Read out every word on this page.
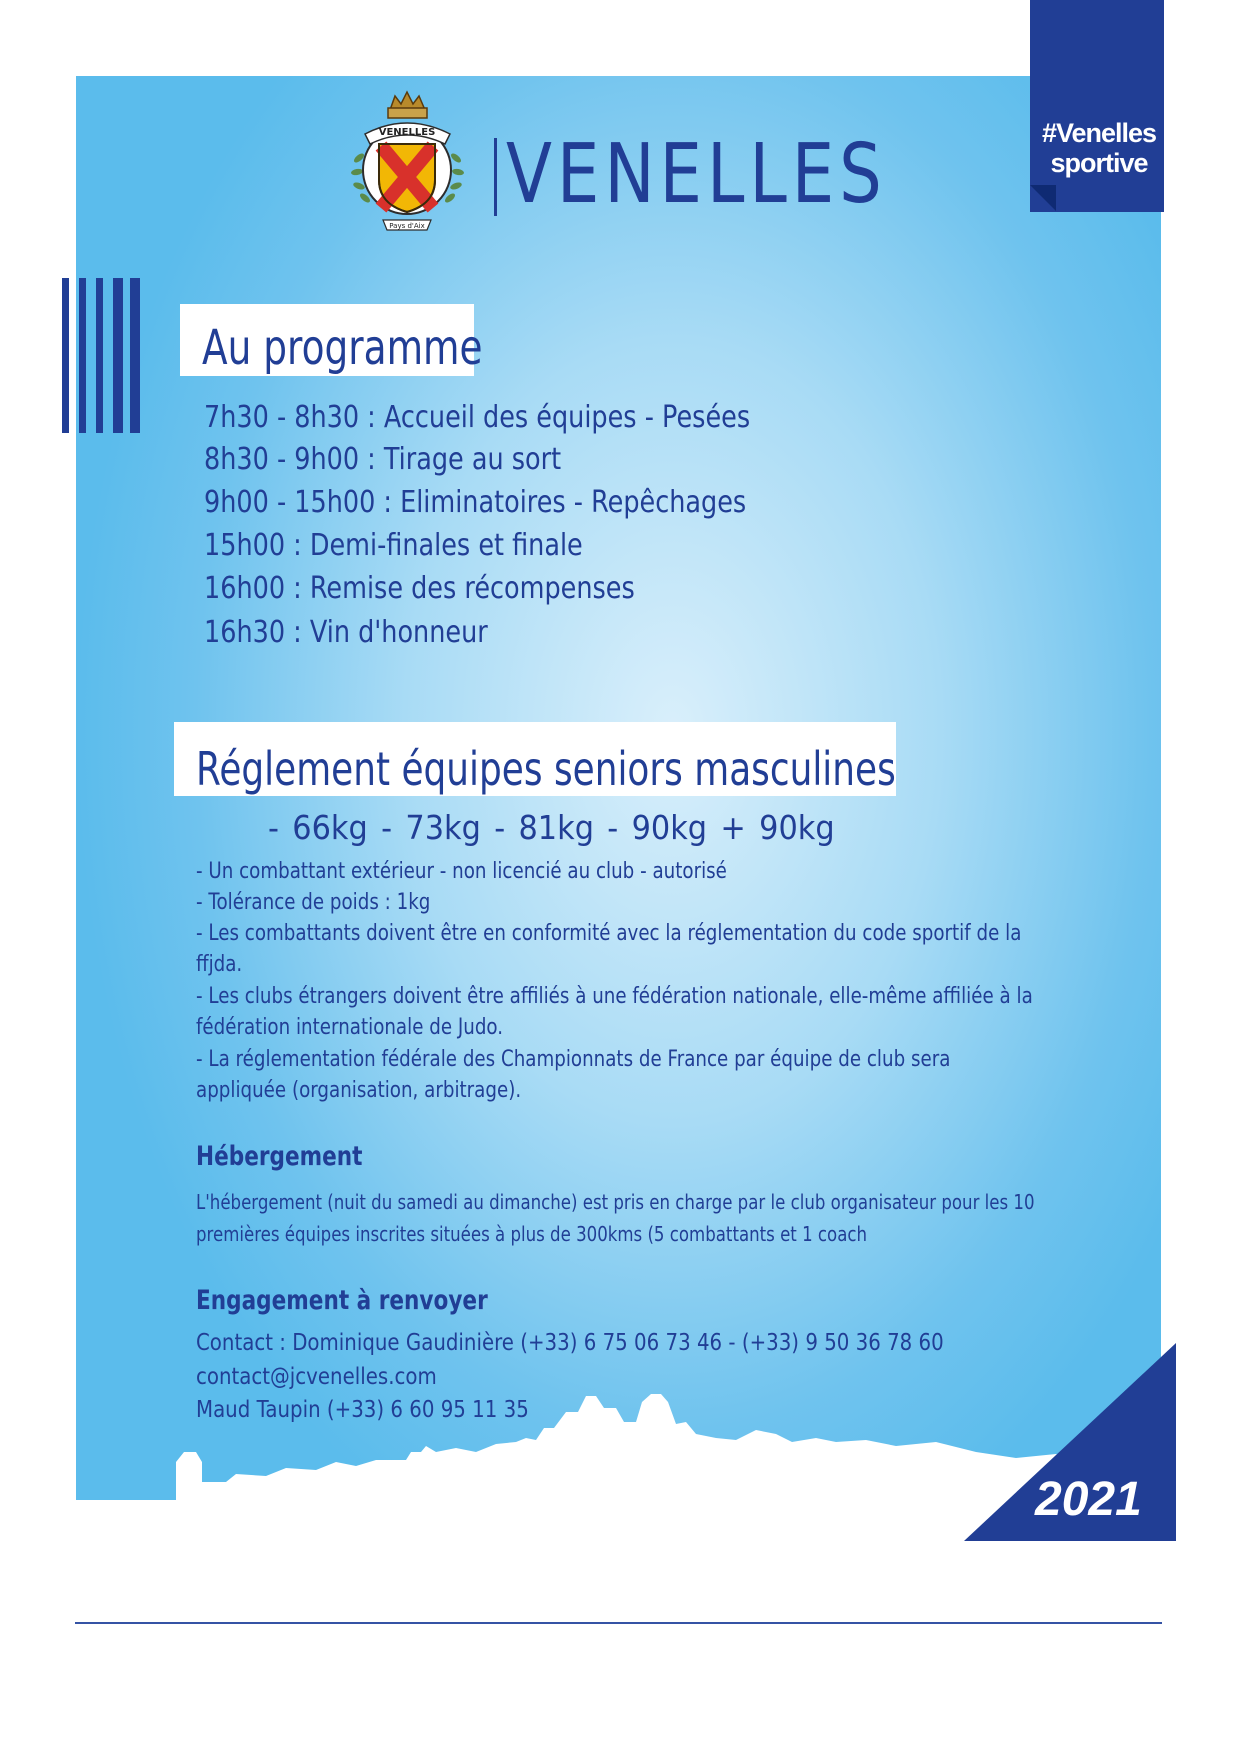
#Venelles
sportive
VENELLES
Pays d'Aix
VENELLES
Au programme
7h30 - 8h30 : Accueil des équipes - Pesées
8h30 - 9h00 : Tirage au sort
9h00 - 15h00 : Eliminatoires - Repêchages
15h00 : Demi-finales et finale
16h00 : Remise des récompenses
16h30 : Vin d'honneur
Réglement équipes seniors masculines
- 66kg - 73kg - 81kg - 90kg + 90kg
- Un combattant extérieur - non licencié au club - autorisé
- Tolérance de poids : 1kg
- Les combattants doivent être en conformité avec la réglementation du code sportif de la
ffjda.
- Les clubs étrangers doivent être affiliés à une fédération nationale, elle-même affiliée à la
fédération internationale de Judo.
- La réglementation fédérale des Championnats de France par équipe de club sera
appliquée (organisation, arbitrage).
Hébergement
L'hébergement (nuit du samedi au dimanche) est pris en charge par le club organisateur pour les 10
premières équipes inscrites situées à plus de 300kms (5 combattants et 1 coach
Engagement à renvoyer
Contact : Dominique Gaudinière (+33) 6 75 06 73 46 - (+33) 9 50 36 78 60
contact@jcvenelles.com
Maud Taupin (+33) 6 60 95 11 35
2021
